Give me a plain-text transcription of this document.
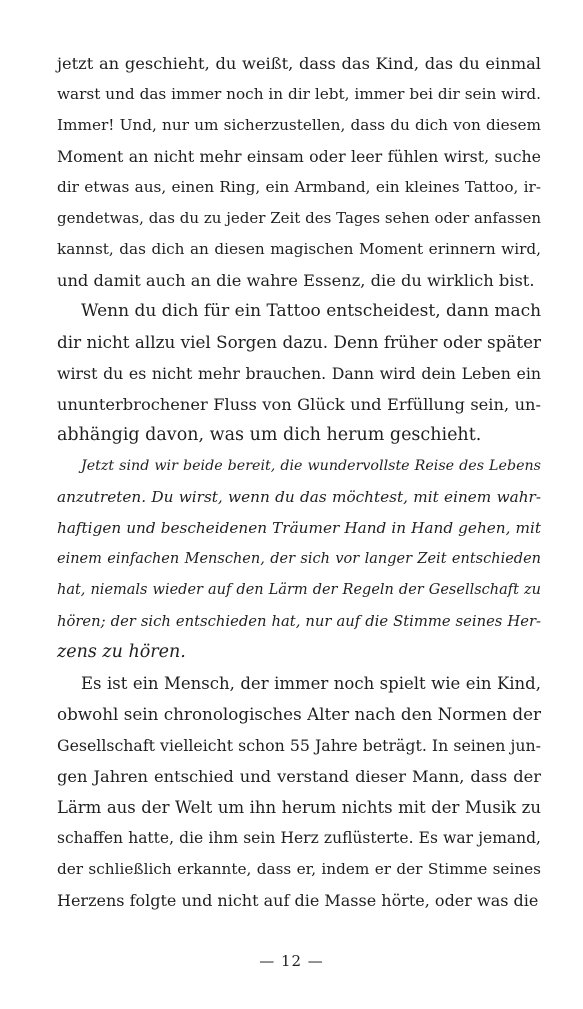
jetzt an geschieht, du weißt, dass das Kind, das du einmal
warst und das immer noch in dir lebt, immer bei dir sein wird.
Immer! Und, nur um sicherzustellen, dass du dich von diesem
Moment an nicht mehr einsam oder leer fühlen wirst, suche
dir etwas aus, einen Ring, ein Armband, ein kleines Tattoo, ir-
gendetwas, das du zu jeder Zeit des Tages sehen oder anfassen
kannst, das dich an diesen magischen Moment erinnern wird,
und damit auch an die wahre Essenz, die du wirklich bist.
Wenn du dich für ein Tattoo entscheidest, dann mach
dir nicht allzu viel Sorgen dazu. Denn früher oder später
wirst du es nicht mehr brauchen. Dann wird dein Leben ein
ununterbrochener Fluss von Glück und Erfüllung sein, un-
abhängig davon, was um dich herum geschieht.
Jetzt sind wir beide bereit, die wundervollste Reise des Lebens
anzutreten. Du wirst, wenn du das möchtest, mit einem wahr-
haftigen und bescheidenen Träumer Hand in Hand gehen, mit
einem einfachen Menschen, der sich vor langer Zeit entschieden
hat, niemals wieder auf den Lärm der Regeln der Gesellschaft zu
hören; der sich entschieden hat, nur auf die Stimme seines Her-
zens zu hören.
Es ist ein Mensch, der immer noch spielt wie ein Kind,
obwohl sein chronologisches Alter nach den Normen der
Gesellschaft vielleicht schon 55 Jahre beträgt. In seinen jun-
gen Jahren entschied und verstand dieser Mann, dass der
Lärm aus der Welt um ihn herum nichts mit der Musik zu
schaffen hatte, die ihm sein Herz zuflüsterte. Es war jemand,
der schließlich erkannte, dass er, indem er der Stimme seines
Herzens folgte und nicht auf die Masse hörte, oder was die
— 12 —
